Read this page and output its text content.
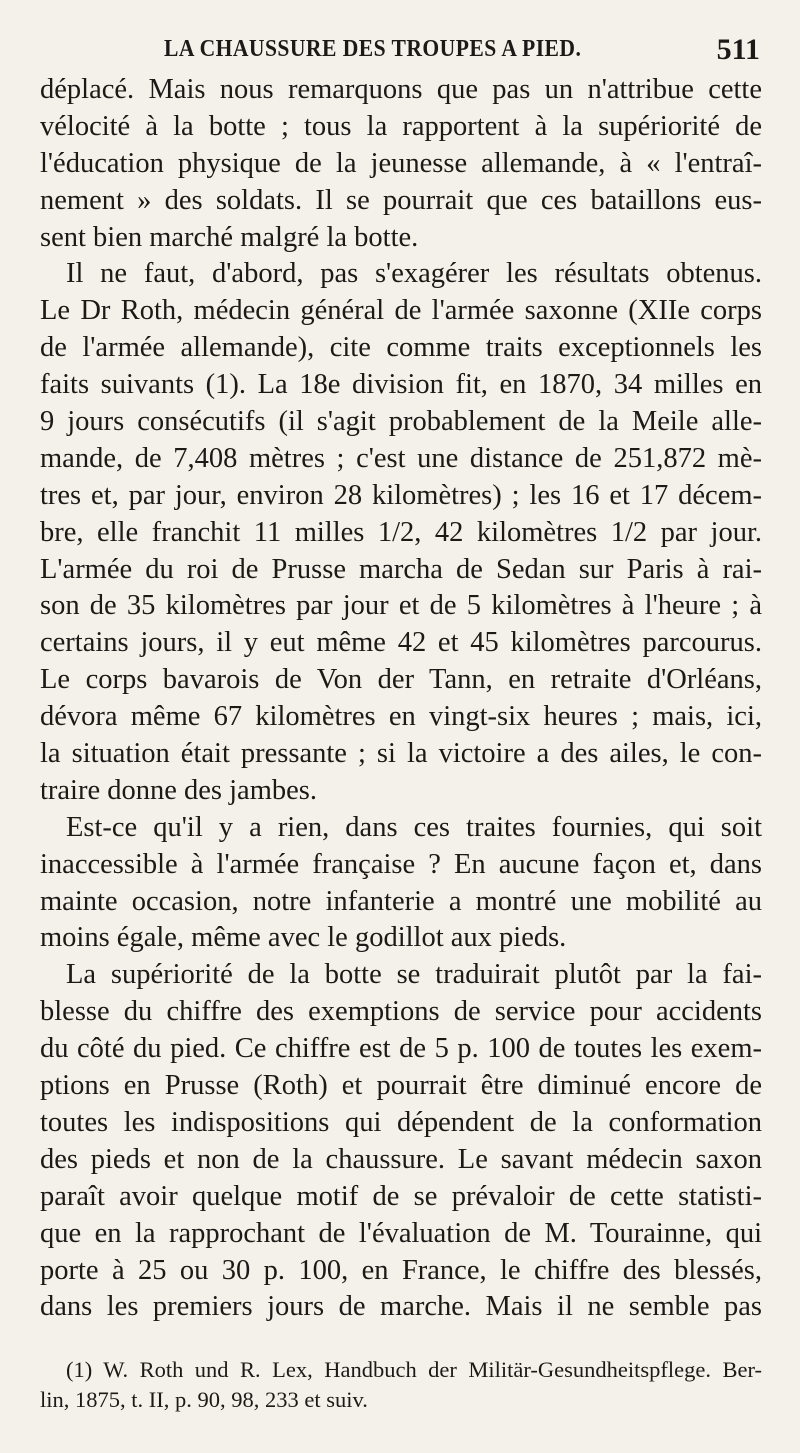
LA CHAUSSURE DES TROUPES A PIED.	511
déplacé. Mais nous remarquons que pas un n'attribue cette
vélocité à la botte ; tous la rapportent à la supériorité de
l'éducation physique de la jeunesse allemande, à « l'entraî-
nement » des soldats. Il se pourrait que ces bataillons eus-
sent bien marché malgré la botte.
Il ne faut, d'abord, pas s'exagérer les résultats obtenus.
Le Dr Roth, médecin général de l'armée saxonne (XIIe corps
de l'armée allemande), cite comme traits exceptionnels les
faits suivants (1). La 18e division fit, en 1870, 34 milles en
9 jours consécutifs (il s'agit probablement de la Meile alle-
mande, de 7,408 mètres ; c'est une distance de 251,872 mè-
tres et, par jour, environ 28 kilomètres) ; les 16 et 17 décem-
bre, elle franchit 11 milles 1/2, 42 kilomètres 1/2 par jour.
L'armée du roi de Prusse marcha de Sedan sur Paris à rai-
son de 35 kilomètres par jour et de 5 kilomètres à l'heure ; à
certains jours, il y eut même 42 et 45 kilomètres parcourus.
Le corps bavarois de Von der Tann, en retraite d'Orléans,
dévora même 67 kilomètres en vingt-six heures ; mais, ici,
la situation était pressante ; si la victoire a des ailes, le con-
traire donne des jambes.
Est-ce qu'il y a rien, dans ces traites fournies, qui soit
inaccessible à l'armée française ? En aucune façon et, dans
mainte occasion, notre infanterie a montré une mobilité au
moins égale, même avec le godillot aux pieds.
La supériorité de la botte se traduirait plutôt par la fai-
blesse du chiffre des exemptions de service pour accidents
du côté du pied. Ce chiffre est de 5 p. 100 de toutes les exem-
ptions en Prusse (Roth) et pourrait être diminué encore de
toutes les indispositions qui dépendent de la conformation
des pieds et non de la chaussure. Le savant médecin saxon
paraît avoir quelque motif de se prévaloir de cette statisti-
que en la rapprochant de l'évaluation de M. Tourainne, qui
porte à 25 ou 30 p. 100, en France, le chiffre des blessés,
dans les premiers jours de marche. Mais il ne semble pas
(1) W. Roth und R. Lex, Handbuch der Militär-Gesundheitspflege. Ber-
lin, 1875, t. II, p. 90, 98, 233 et suiv.
